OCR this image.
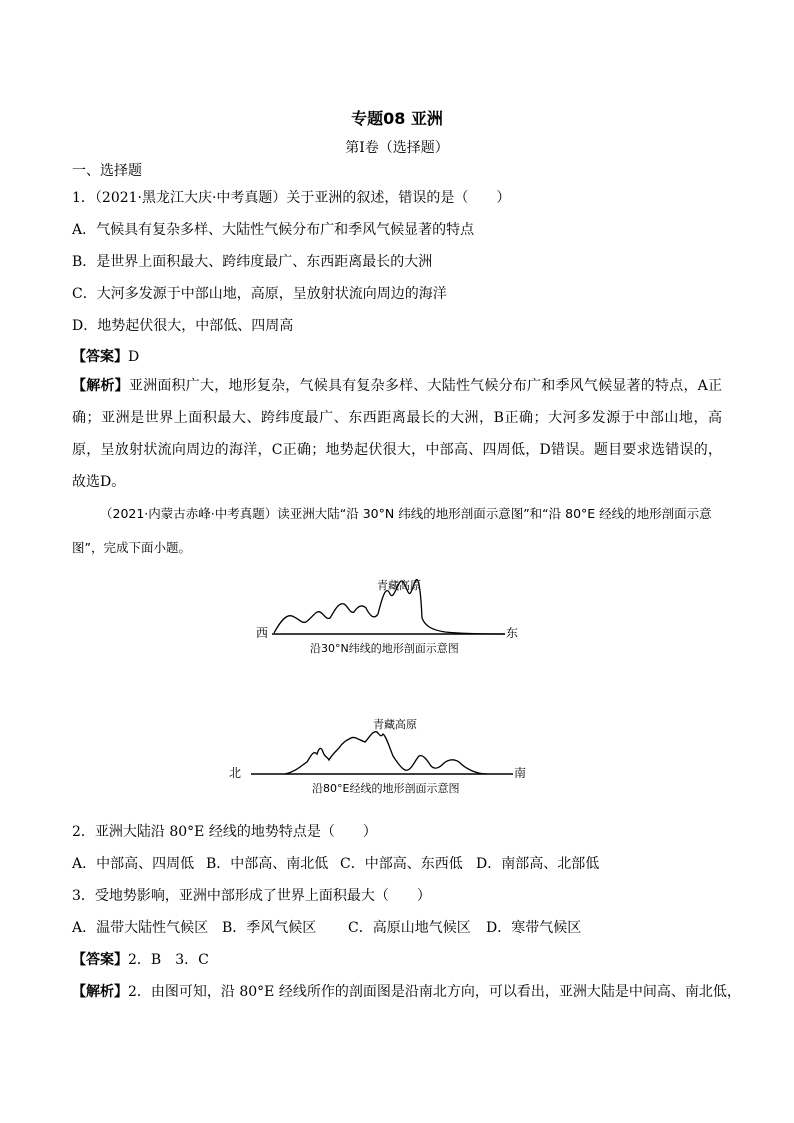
专题08 亚洲
第Ⅰ卷（选择题）
一、选择题
1．（2021·黑龙江大庆·中考真题）关于亚洲的叙述，错误的是（　　）
A．气候具有复杂多样、大陆性气候分布广和季风气候显著的特点
B．是世界上面积最大、跨纬度最广、东西距离最长的大洲
C．大河多发源于中部山地，高原，呈放射状流向周边的海洋
D．地势起伏很大，中部低、四周高
【答案】D
【解析】亚洲面积广大，地形复杂，气候具有复杂多样、大陆性气候分布广和季风气候显著的特点，A正确；亚洲是世界上面积最大、跨纬度最广、东西距离最长的大洲，B正确；大河多发源于中部山地，高原，呈放射状流向周边的海洋，C正确；地势起伏很大，中部高、四周低，D错误。题目要求选错误的，故选D。
（2021·内蒙古赤峰·中考真题）读亚洲大陆“沿 30°N 纬线的地形剖面示意图”和“沿 80°E 经线的地形剖面示意图”，完成下面小题。
青藏高原
西	东
沿30°N纬线的地形剖面示意图
青藏高原
北	南
沿80°E经线的地形剖面示意图
2．亚洲大陆沿 80°E 经线的地势特点是（　　）
A．中部高、四周低 B．中部高、南北低 C．中部高、东西低 D．南部高、北部低
3．受地势影响，亚洲中部形成了世界上面积最大（　　）
A．温带大陆性气候区 B．季风气候区 C．高原山地气候区 D．寒带气候区
【答案】2．B　3．C
【解析】2．由图可知，沿 80°E 经线所作的剖面图是沿南北方向，可以看出，亚洲大陆是中间高、南北低，
